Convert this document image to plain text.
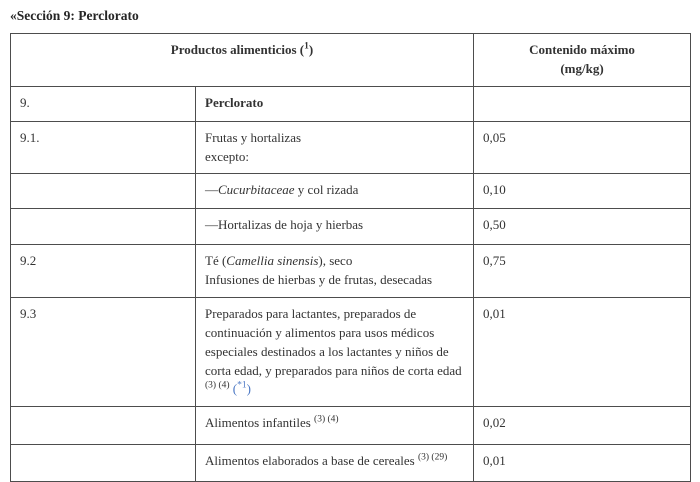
«Sección 9: Perclorato
Productos alimenticios ($^1$)		Contenido máximo
(mg/kg)

9.	Perclorato	

9.1.	Frutas y hortalizas
excepto:	0,05

	—Cucurbitaceae y col rizada	0,10

	—Hortalizas de hoja y hierbas	0,50
9.2	Té (Camellia sinensis), seco
Infusiones de hierbas y de frutas, desecadas	0,75
9.3	Preparados para lactantes, preparados de continuación y alimentos para usos médicos especiales destinados a los lactantes y niños de corta edad, y preparados para niños de corta edad $^{(3) (4)}$ ($^{*1}$)	0,01

	Alimentos infantiles $^{(3) (4)}$	0,02

	Alimentos elaborados a base de cereales $^{(3) (29)}$	0,01
